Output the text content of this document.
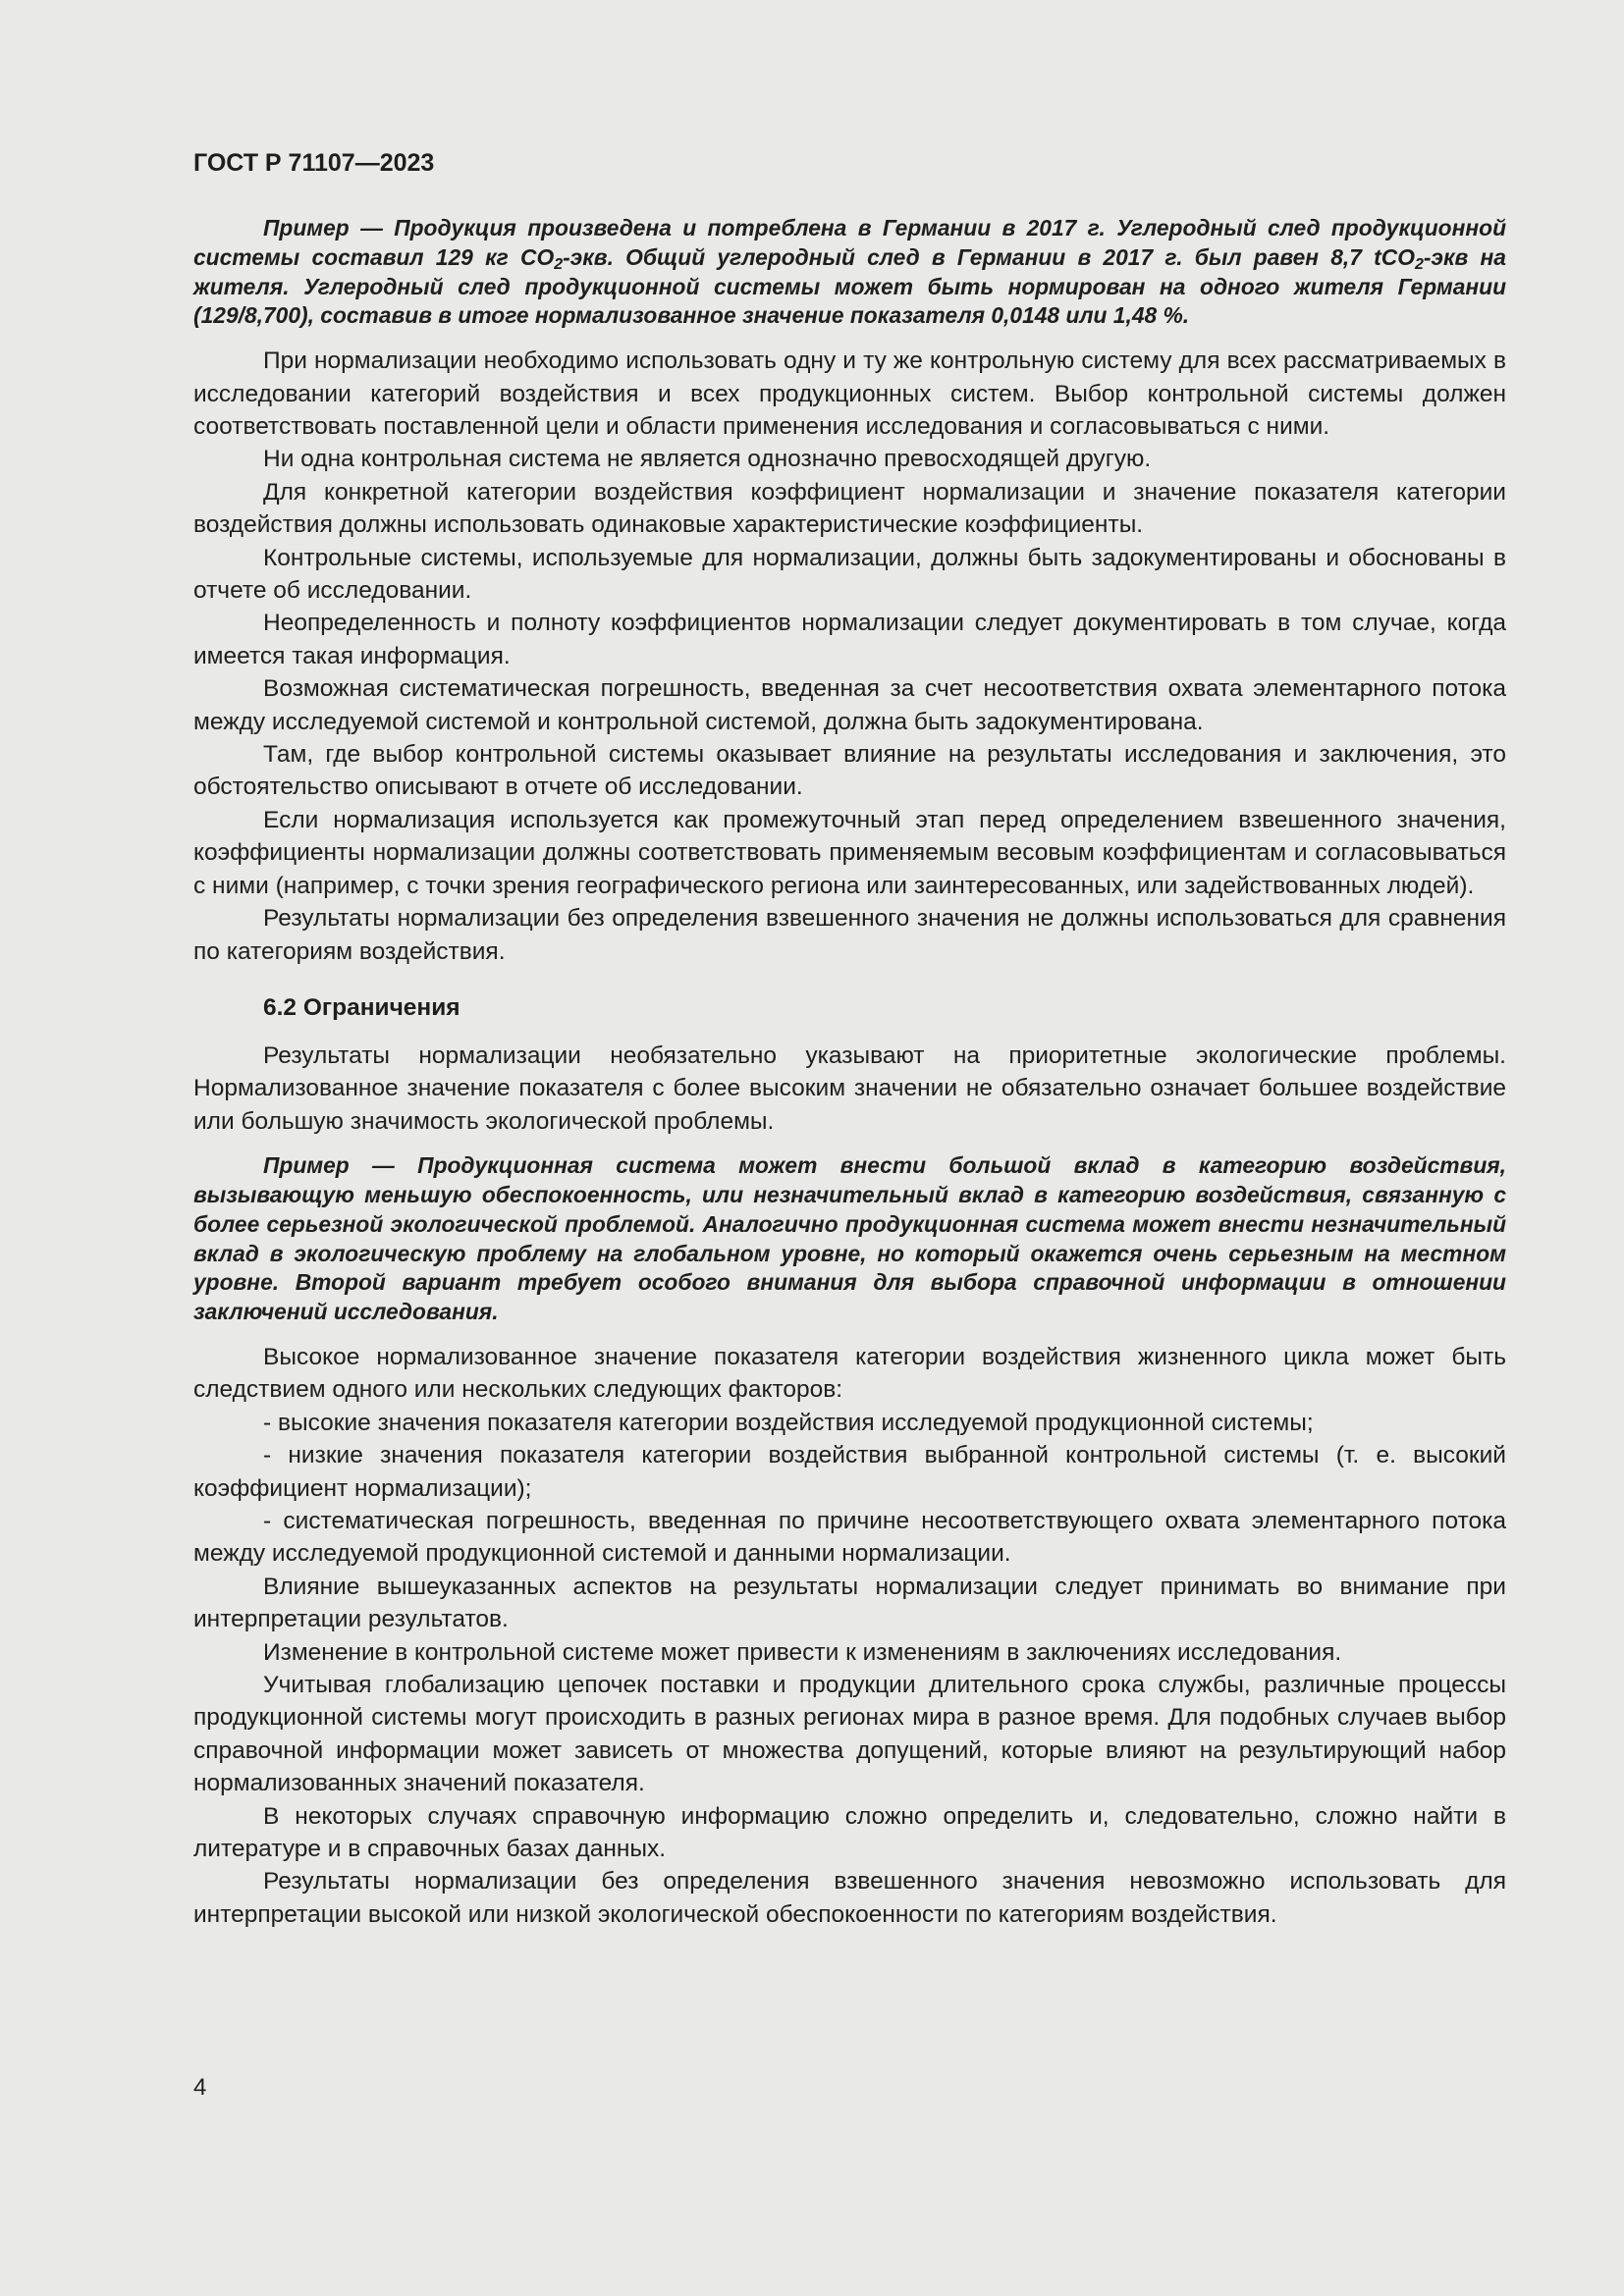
ГОСТ Р 71107—2023

Пример — Продукция произведена и потреблена в Германии в 2017 г. Углеродный след продукционной системы составил 129 кг $CO_2$-экв. Общий углеродный след в Германии в 2017 г. был равен 8,7 tCO$_2$-экв на жителя. Углеродный след продукционной системы может быть нормирован на одного жителя Германии (129/8,700), составив в итоге нормализованное значение показателя 0,0148 или 1,48 %.

При нормализации необходимо использовать одну и ту же контрольную систему для всех рассматриваемых в исследовании категорий воздействия и всех продукционных систем. Выбор контрольной системы должен соответствовать поставленной цели и области применения исследования и согласовываться с ними.

Ни одна контрольная система не является однозначно превосходящей другую.

Для конкретной категории воздействия коэффициент нормализации и значение показателя категории воздействия должны использовать одинаковые характеристические коэффициенты.

Контрольные системы, используемые для нормализации, должны быть задокументированы и обоснованы в отчете об исследовании.

Неопределенность и полноту коэффициентов нормализации следует документировать в том случае, когда имеется такая информация.

Возможная систематическая погрешность, введенная за счет несоответствия охвата элементарного потока между исследуемой системой и контрольной системой, должна быть задокументирована.

Там, где выбор контрольной системы оказывает влияние на результаты исследования и заключения, это обстоятельство описывают в отчете об исследовании.

Если нормализация используется как промежуточный этап перед определением взвешенного значения, коэффициенты нормализации должны соответствовать применяемым весовым коэффициентам и согласовываться с ними (например, с точки зрения географического региона или заинтересованных, или задействованных людей).

Результаты нормализации без определения взвешенного значения не должны использоваться для сравнения по категориям воздействия.

6.2 Ограничения

Результаты нормализации необязательно указывают на приоритетные экологические проблемы. Нормализованное значение показателя с более высоким значении не обязательно означает большее воздействие или большую значимость экологической проблемы.

Пример — Продукционная система может внести большой вклад в категорию воздействия, вызывающую меньшую обеспокоенность, или незначительный вклад в категорию воздействия, связанную с более серьезной экологической проблемой. Аналогично продукционная система может внести незначительный вклад в экологическую проблему на глобальном уровне, но который окажется очень серьезным на местном уровне. Второй вариант требует особого внимания для выбора справочной информации в отношении заключений исследования.

Высокое нормализованное значение показателя категории воздействия жизненного цикла может быть следствием одного или нескольких следующих факторов:

- высокие значения показателя категории воздействия исследуемой продукционной системы;

- низкие значения показателя категории воздействия выбранной контрольной системы (т. е. высокий коэффициент нормализации);

- систематическая погрешность, введенная по причине несоответствующего охвата элементарного потока между исследуемой продукционной системой и данными нормализации.

Влияние вышеуказанных аспектов на результаты нормализации следует принимать во внимание при интерпретации результатов.

Изменение в контрольной системе может привести к изменениям в заключениях исследования.

Учитывая глобализацию цепочек поставки и продукции длительного срока службы, различные процессы продукционной системы могут происходить в разных регионах мира в разное время. Для подобных случаев выбор справочной информации может зависеть от множества допущений, которые влияют на результирующий набор нормализованных значений показателя.

В некоторых случаях справочную информацию сложно определить и, следовательно, сложно найти в литературе и в справочных базах данных.

Результаты нормализации без определения взвешенного значения невозможно использовать для интерпретации высокой или низкой экологической обеспокоенности по категориям воздействия.

4
